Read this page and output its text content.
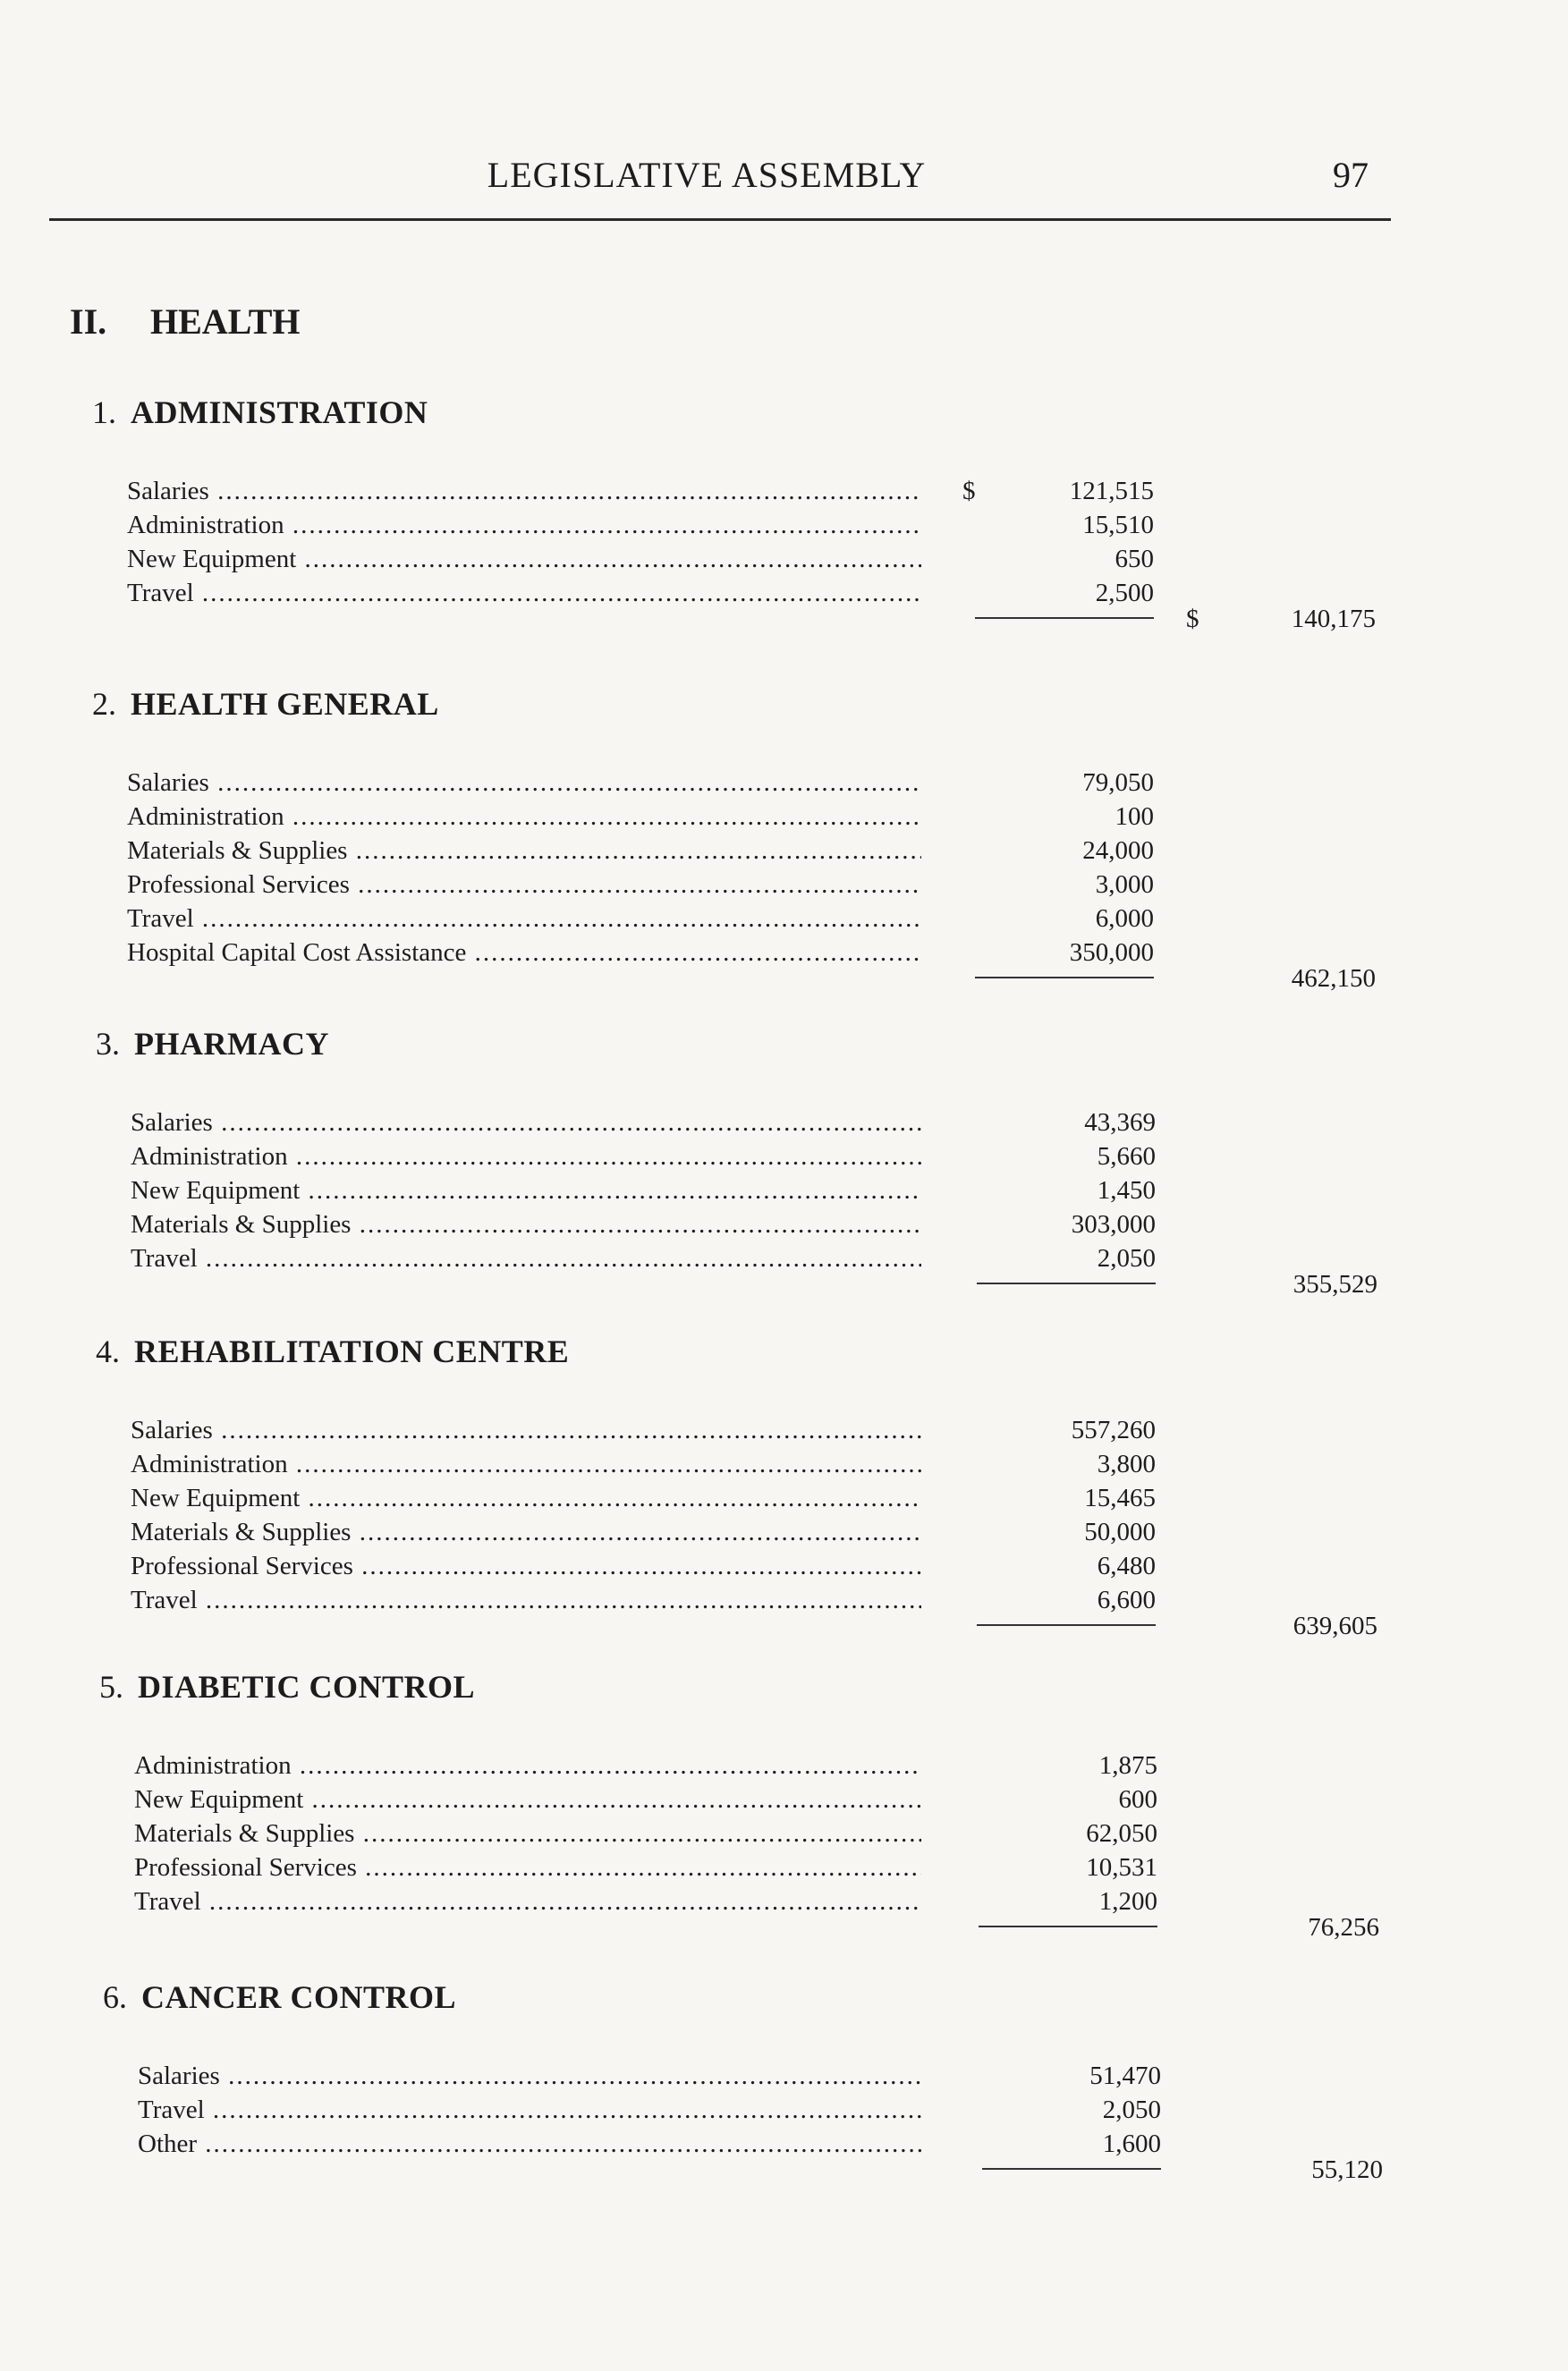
LEGISLATIVE ASSEMBLY	97
II. HEALTH
1. ADMINISTRATION
Salaries .....	$	121,515
Administration .....	15,510
New Equipment .....	650
Travel .....	2,500
$	140,175
2. HEALTH GENERAL
Salaries .....	79,050
Administration .....	100
Materials & Supplies .....	24,000
Professional Services .....	3,000
Travel .....	6,000
Hospital Capital Cost Assistance .....	350,000
462,150
3. PHARMACY
Salaries .....	43,369
Administration .....	5,660
New Equipment .....	1,450
Materials & Supplies .....	303,000
Travel .....	2,050
355,529
4. REHABILITATION CENTRE
Salaries .....	557,260
Administration .....	3,800
New Equipment .....	15,465
Materials & Supplies .....	50,000
Professional Services .....	6,480
Travel .....	6,600
639,605
5. DIABETIC CONTROL
Administration .....	1,875
New Equipment .....	600
Materials & Supplies .....	62,050
Professional Services .....	10,531
Travel .....	1,200
76,256
6. CANCER CONTROL
Salaries .....	51,470
Travel .....	2,050
Other .....	1,600
55,120
